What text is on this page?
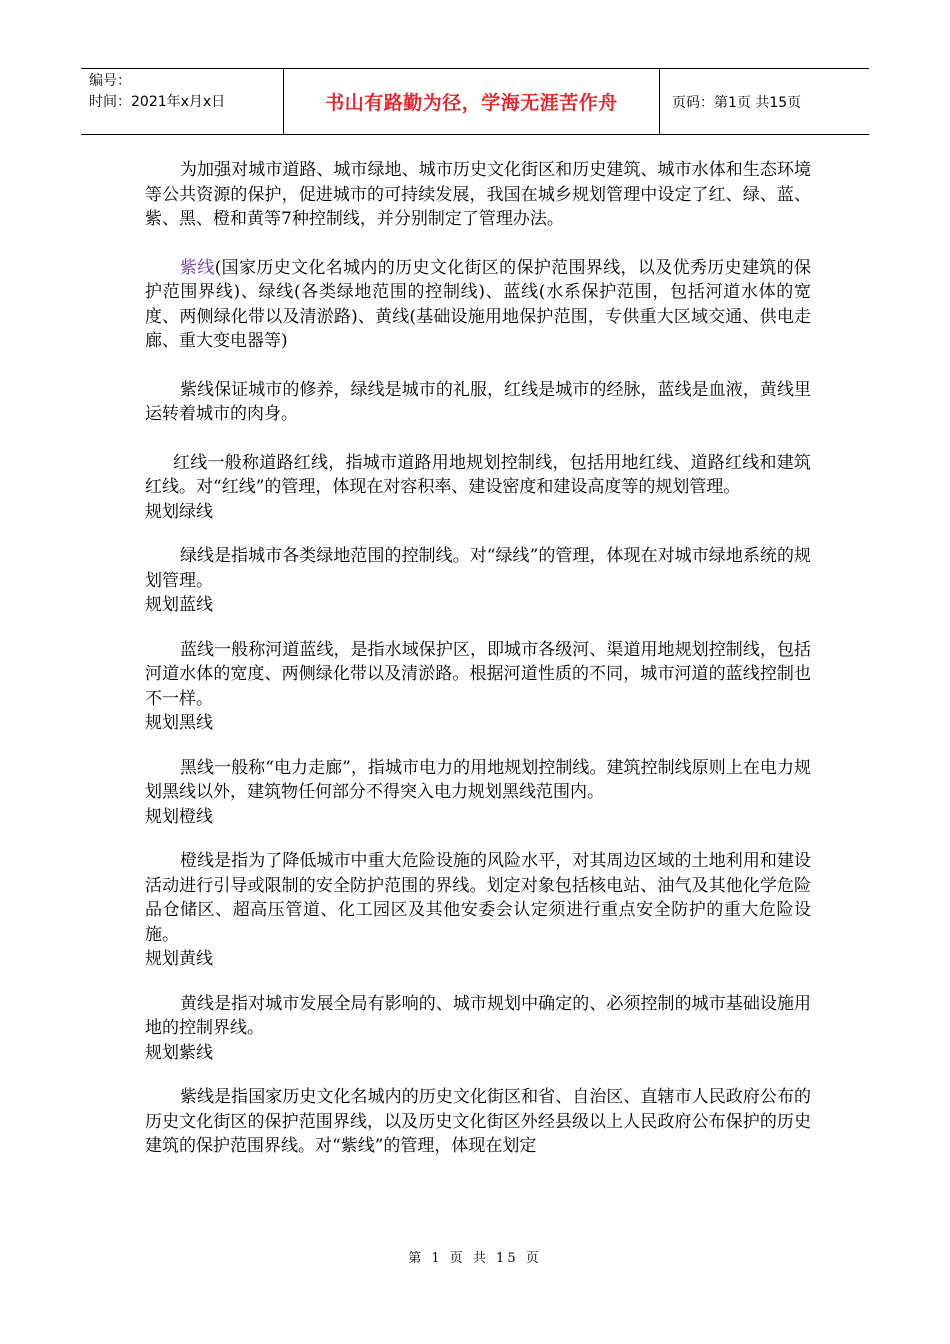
编号：
时间：2021年x月x日	书山有路勤为径，学海无涯苦作舟	页码：第1页 共15页

为加强对城市道路、城市绿地、城市历史文化街区和历史建筑、城市水体和生态环境等公共资源的保护，促进城市的可持续发展，我国在城乡规划管理中设定了红、绿、蓝、紫、黑、橙和黄等7种控制线，并分别制定了管理办法。

紫线(国家历史文化名城内的历史文化街区的保护范围界线，以及优秀历史建筑的保护范围界线)、绿线(各类绿地范围的控制线)、蓝线(水系保护范围，包括河道水体的宽度、两侧绿化带以及清淤路)、黄线(基础设施用地保护范围，专供重大区域交通、供电走廊、重大变电器等)

紫线保证城市的修养，绿线是城市的礼服，红线是城市的经脉，蓝线是血液，黄线里运转着城市的肉身。

红线一般称道路红线，指城市道路用地规划控制线，包括用地红线、道路红线和建筑红线。对“红线”的管理，体现在对容积率、建设密度和建设高度等的规划管理。

规划绿线

绿线是指城市各类绿地范围的控制线。对“绿线”的管理，体现在对城市绿地系统的规划管理。

规划蓝线

蓝线一般称河道蓝线，是指水域保护区，即城市各级河、渠道用地规划控制线，包括河道水体的宽度、两侧绿化带以及清淤路。根据河道性质的不同，城市河道的蓝线控制也不一样。

规划黑线

黑线一般称“电力走廊”，指城市电力的用地规划控制线。建筑控制线原则上在电力规划黑线以外，建筑物任何部分不得突入电力规划黑线范围内。

规划橙线

橙线是指为了降低城市中重大危险设施的风险水平，对其周边区域的土地利用和建设活动进行引导或限制的安全防护范围的界线。划定对象包括核电站、油气及其他化学危险品仓储区、超高压管道、化工园区及其他安委会认定须进行重点安全防护的重大危险设施。

规划黄线

黄线是指对城市发展全局有影响的、城市规划中确定的、必须控制的城市基础设施用地的控制界线。

规划紫线

紫线是指国家历史文化名城内的历史文化街区和省、自治区、直辖市人民政府公布的历史文化街区的保护范围界线，以及历史文化街区外经县级以上人民政府公布保护的历史建筑的保护范围界线。对“紫线”的管理，体现在划定

第 1 页 共 15 页
